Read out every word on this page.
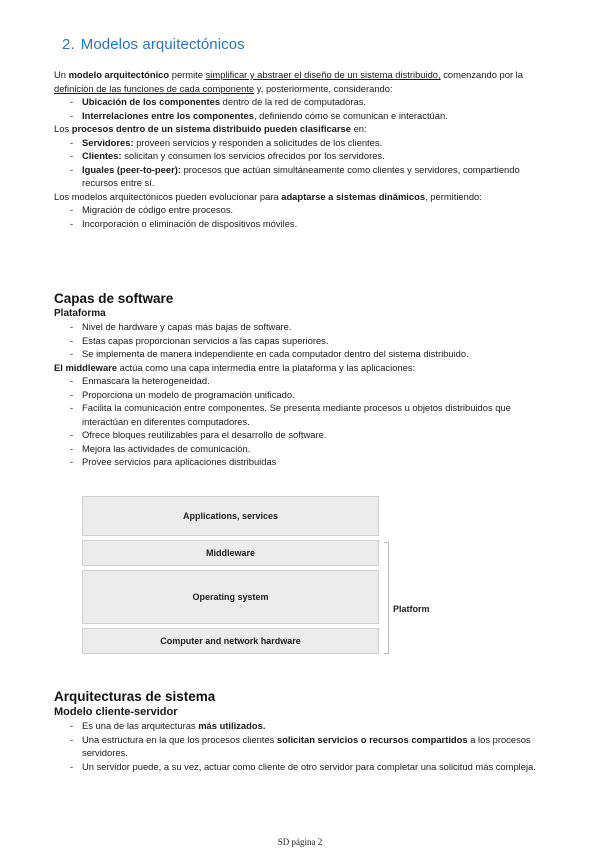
2. Modelos arquitectónicos

Un modelo arquitectónico permite simplificar y abstraer el diseño de un sistema distribuido, comenzando por la definición de las funciones de cada componente y, posteriormente, considerando:

- Ubicación de los componentes dentro de la red de computadoras.
- Interrelaciones entre los componentes, definiendo cómo se comunican e interactúan.

Los procesos dentro de un sistema distribuido pueden clasificarse en:

- Servidores: proveen servicios y responden a solicitudes de los clientes.
- Clientes: solicitan y consumen los servicios ofrecidos por los servidores.
- Iguales (peer-to-peer): procesos que actúan simultáneamente como clientes y servidores, compartiendo recursos entre sí.

Los modelos arquitectónicos pueden evolucionar para adaptarse a sistemas dinámicos, permitiendo:

- Migración de código entre procesos.
- Incorporación o eliminación de dispositivos móviles.
Capas de software
Plataforma
- Nivel de hardware y capas más bajas de software.
- Estas capas proporcionan servicios a las capas superiores.
- Se implementa de manera independiente en cada computador dentro del sistema distribuido.

El middleware actúa como una capa intermedia entre la plataforma y las aplicaciones:

- Enmascara la heterogeneidad.
- Proporciona un modelo de programación unificado.
- Facilita la comunicación entre componentes. Se presenta mediante procesos u objetos distribuidos que interactúan en diferentes computadores.
- Ofrece bloques reutilizables para el desarrollo de software.
- Mejora las actividades de comunicación.
- Provee servicios para aplicaciones distribuidas
Applications, services
Middleware
Operating system
Computer and network hardware
Platform
Arquitecturas de sistema
Modelo cliente-servidor
- Es una de las arquitecturas más utilizados.
- Una estructura en la que los procesos clientes solicitan servicios o recursos compartidos a los procesos servidores.
- Un servidor puede, a su vez, actuar como cliente de otro servidor para completar una solicitud más compleja.
SD página 2
